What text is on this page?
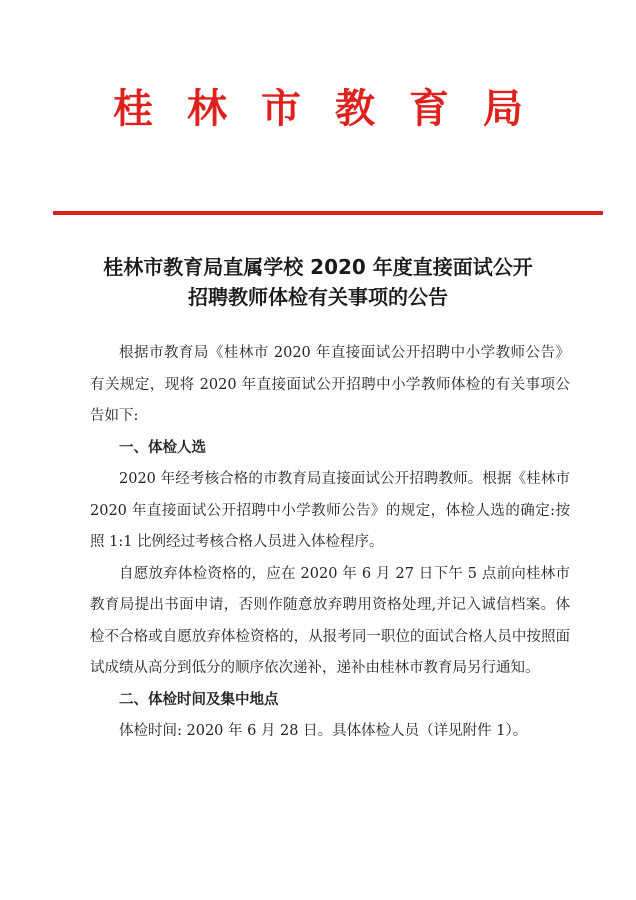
桂 林 市 教 育 局
桂林市教育局直属学校 2020 年度直接面试公开
招聘教师体检有关事项的公告

根据市教育局《桂林市 2020 年直接面试公开招聘中小学教师公告》有关规定，现将 2020 年直接面试公开招聘中小学教师体检的有关事项公告如下:

一、体检人选

2020 年经考核合格的市教育局直接面试公开招聘教师。根据《桂林市 2020 年直接面试公开招聘中小学教师公告》的规定，体检人选的确定:按照 1:1 比例经过考核合格人员进入体检程序。

自愿放弃体检资格的，应在 2020 年 6 月 27 日下午 5 点前向桂林市教育局提出书面申请，否则作随意放弃聘用资格处理,并记入诚信档案。体检不合格或自愿放弃体检资格的，从报考同一职位的面试合格人员中按照面试成绩从高分到低分的顺序依次递补，递补由桂林市教育局另行通知。

二、体检时间及集中地点

体检时间: 2020 年 6 月 28 日。具体体检人员（详见附件 1）。
